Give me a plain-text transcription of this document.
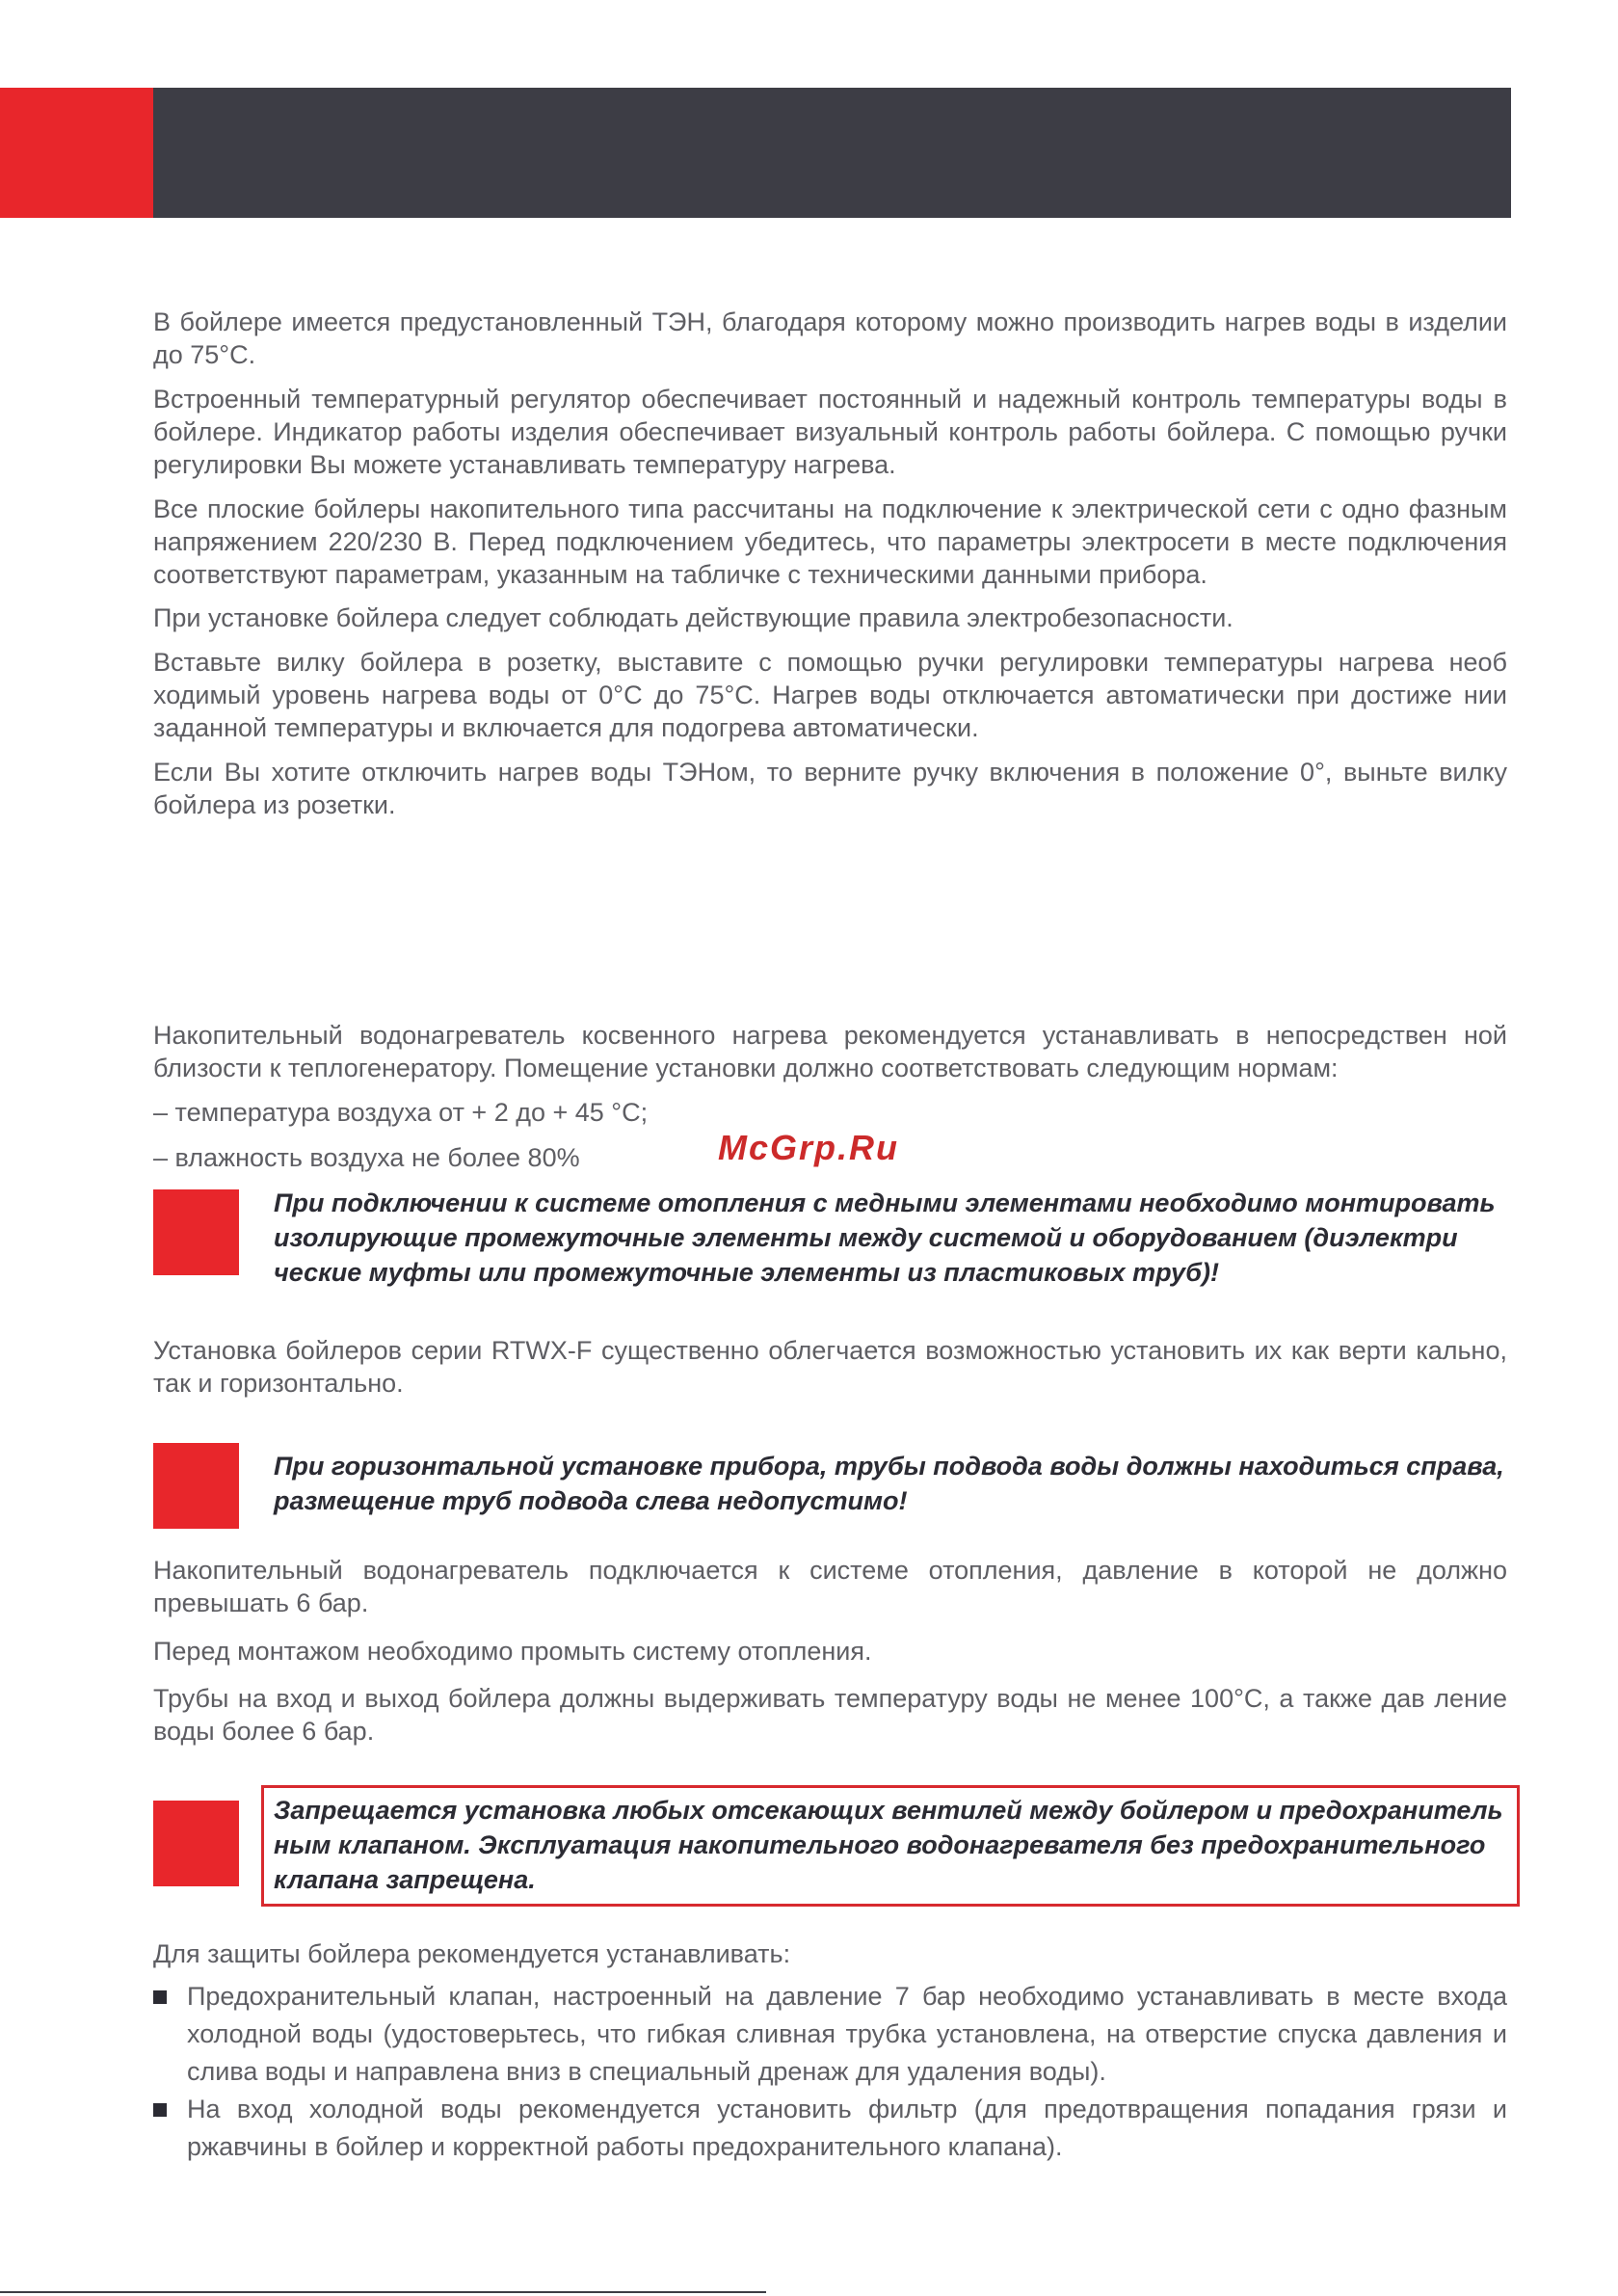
В бойлере имеется предустановленный ТЭН, благодаря которому можно производить нагрев воды в изделии до 75°С.

Встроенный температурный регулятор обеспечивает постоянный и надежный контроль температуры воды в бойлере. Индикатор работы изделия обеспечивает визуальный контроль работы бойлера. С помощью ручки регулировки Вы можете устанавливать температуру нагрева.

Все плоские бойлеры накопительного типа рассчитаны на подключение к электрической сети с одно фазным напряжением 220/230 В. Перед подключением убедитесь, что параметры электросети в месте подключения соответствуют параметрам, указанным на табличке с техническими данными прибора.

При установке бойлера следует соблюдать действующие правила электробезопасности.

Вставьте вилку бойлера в розетку, выставите с помощью ручки регулировки температуры нагрева необ ходимый уровень нагрева воды от 0°С до 75°С. Нагрев воды отключается автоматически при достиже нии заданной температуры и включается для подогрева автоматически.

Если Вы хотите отключить нагрев воды ТЭНом, то верните ручку включения в положение 0°, выньте вилку бойлера из розетки.

Накопительный водонагреватель косвенного нагрева рекомендуется устанавливать в непосредствен ной близости к теплогенератору. Помещение установки должно соответствовать следующим нормам:

– температура воздуха от + 2 до + 45 °С;

– влажность воздуха не более 80%	McGrp.Ru

При подключении к системе отопления с медными элементами необходимо монтировать изолирующие промежуточные элементы между системой и оборудованием (диэлектри ческие муфты или промежуточные элементы из пластиковых труб)!

Установка бойлеров серии RTWX-F существенно облегчается возможностью установить их как верти кально, так и горизонтально.

При горизонтальной установке прибора, трубы подвода воды должны находиться справа, размещение труб подвода слева недопустимо!

Накопительный водонагреватель подключается к системе отопления, давление в которой не должно превышать 6 бар.

Перед монтажом необходимо промыть систему отопления.

Трубы на вход и выход бойлера должны выдерживать температуру воды не менее 100°С, а также дав ление воды более 6 бар.

Запрещается установка любых отсекающих вентилей между бойлером и предохранитель ным клапаном. Эксплуатация накопительного водонагревателя без предохранительного клапана запрещена.

Для защиты бойлера рекомендуется устанавливать:

Предохранительный клапан, настроенный на давление 7 бар необходимо устанавливать в месте входа холодной воды (удостоверьтесь, что гибкая сливная трубка установлена, на отверстие спуска давления и слива воды и направлена вниз в специальный дренаж для удаления воды).
На вход холодной воды рекомендуется установить фильтр (для предотвращения попадания грязи и ржавчины в бойлер и корректной работы предохранительного клапана).
